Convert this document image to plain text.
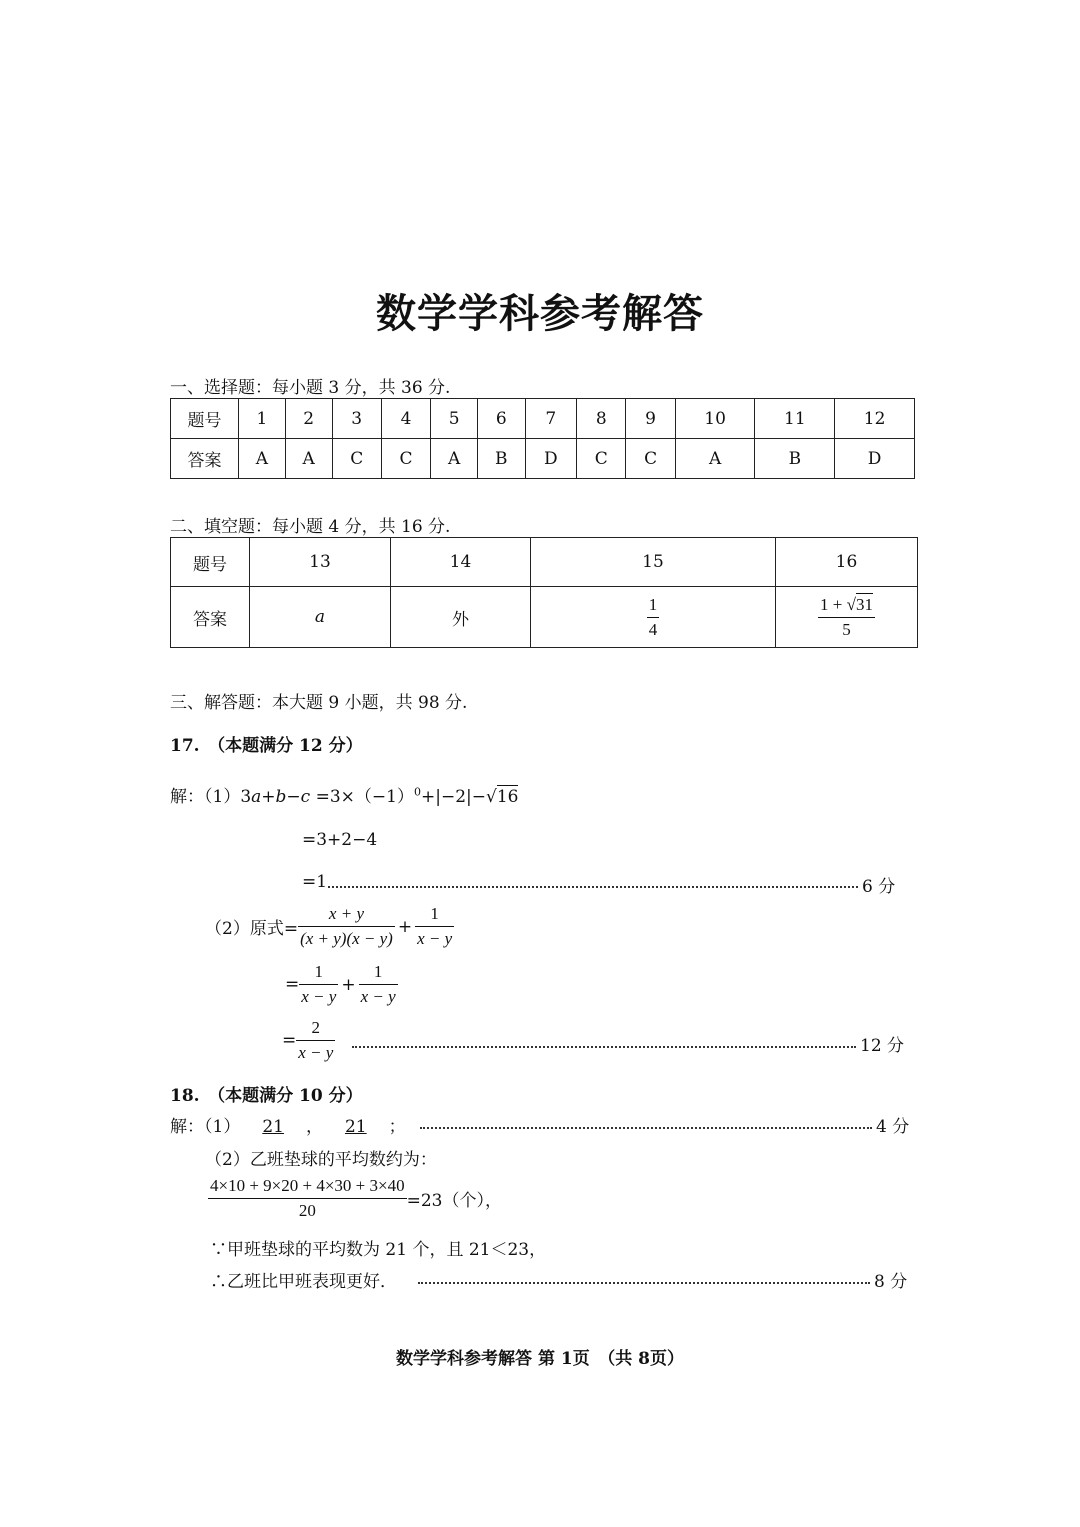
数学学科参考解答
一、选择题：每小题 3 分，共 36 分.
题号	1	2	3	4	5	6	7	8	9	10	11	12
答案	A	A	C	C	A	B	D	C	C	A	B	D
二、填空题：每小题 4 分，共 16 分.
题号	13	14	15	16
答案	a	外	$\frac{1}{4}$	$\frac{1 + √31}{5}$
三、解答题：本大题 9 小题，共 98 分.
17.　（本题满分 12 分）
解：$(1)3a+b-c =3\times(-1)^0+|-2|-√16$
=3+2−4
=1	6 分
（2）原式= $\frac{x + y}{(x + y)(x - y)} + \frac{1}{x - y}$
= $\frac{1}{x - y} + \frac{1}{x - y}$
= $\frac{2}{x - y}$	12 分
18.　（本题满分 10 分）
解：（1） 21 ， 21 ；	4 分
（2）乙班垫球的平均数约为：
$\frac{4\times 10 + 9\times 20 + 4\times 30 + 3\times 40}{20} =23$（个），
∵甲班垫球的平均数为 21 个，且 21＜23，
∴乙班比甲班表现更好．	8 分
数学学科参考解答 第 1页　（共 8页）
